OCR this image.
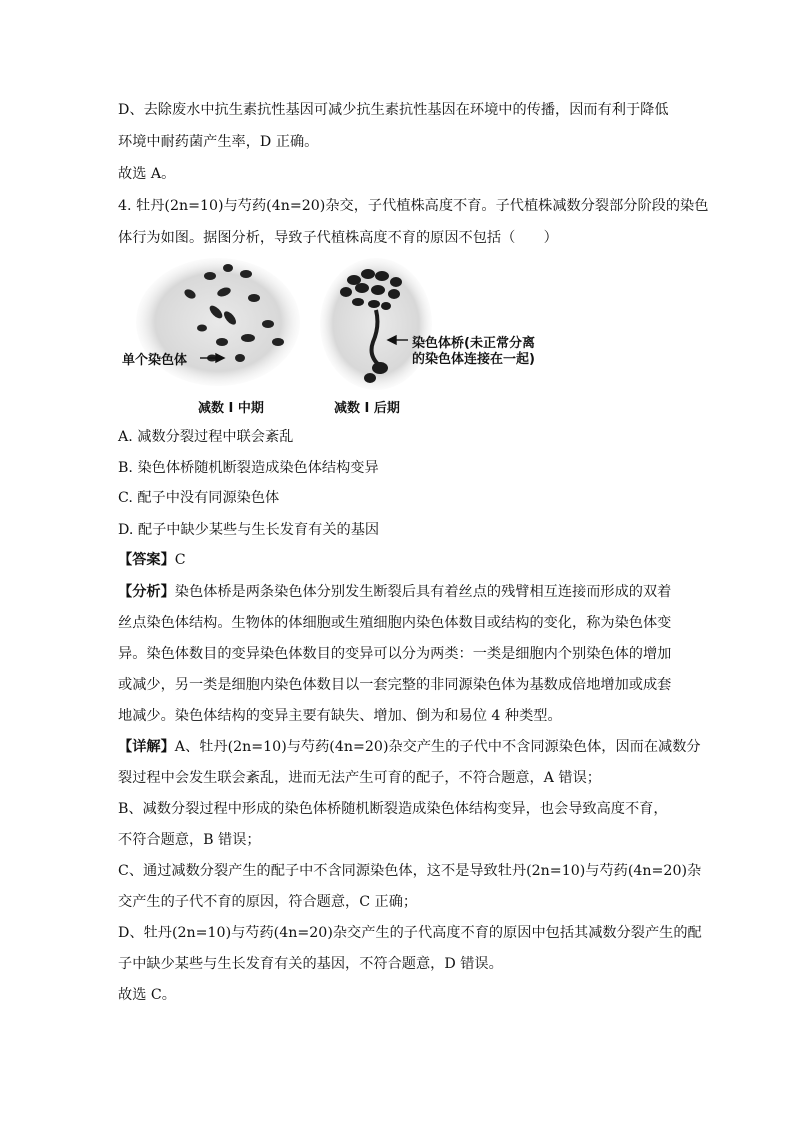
D、去除废水中抗生素抗性基因可减少抗生素抗性基因在环境中的传播，因而有利于降低
环境中耐药菌产生率，D 正确。
故选 A。
4. 牡丹(2n=10)与芍药(4n=20)杂交，子代植株高度不育。子代植株减数分裂部分阶段的染色
体行为如图。据图分析，导致子代植株高度不育的原因不包括（　　）
A. 减数分裂过程中联会紊乱
B. 染色体桥随机断裂造成染色体结构变异
C. 配子中没有同源染色体
D. 配子中缺少某些与生长发育有关的基因
【答案】C
【分析】染色体桥是两条染色体分别发生断裂后具有着丝点的残臂相互连接而形成的双着
丝点染色体结构。生物体的体细胞或生殖细胞内染色体数目或结构的变化，称为染色体变
异。染色体数目的变异染色体数目的变异可以分为两类：一类是细胞内个别染色体的增加
或减少，另一类是细胞内染色体数目以一套完整的非同源染色体为基数成倍地增加或成套
地减少。染色体结构的变异主要有缺失、增加、倒为和易位 4 种类型。
【详解】A、牡丹(2n=10)与芍药(4n=20)杂交产生的子代中不含同源染色体，因而在减数分
裂过程中会发生联会紊乱，进而无法产生可育的配子，不符合题意，A 错误；
B、减数分裂过程中形成的染色体桥随机断裂造成染色体结构变异，也会导致高度不育，
不符合题意，B 错误；
C、通过减数分裂产生的配子中不含同源染色体，这不是导致牡丹(2n=10)与芍药(4n=20)杂
交产生的子代不育的原因，符合题意，C 正确；
D、牡丹(2n=10)与芍药(4n=20)杂交产生的子代高度不育的原因中包括其减数分裂产生的配
子中缺少某些与生长发育有关的基因，不符合题意，D 错误。
故选 C。
单个染色体
减数 I 中期
染色体桥(未正常分离
的染色体连接在一起)
减数 I 后期
